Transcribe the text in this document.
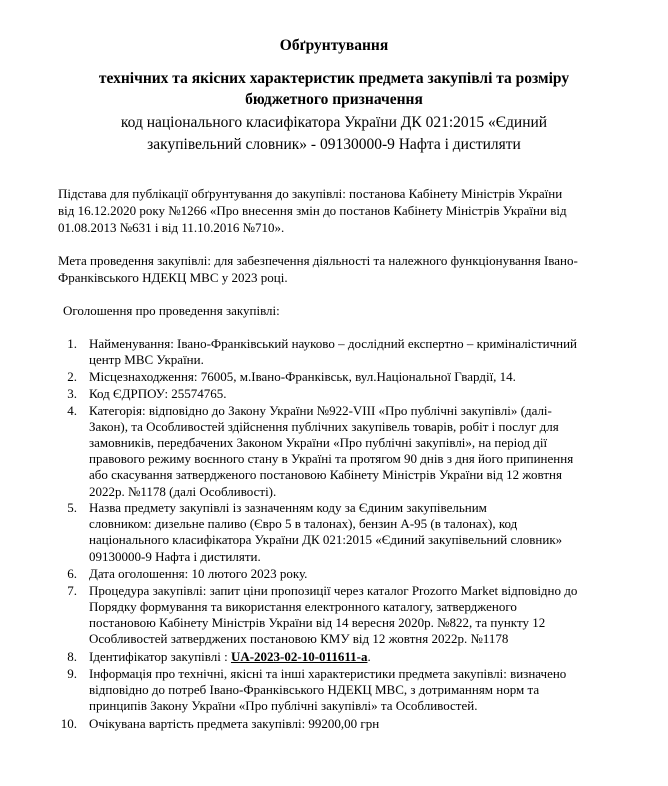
Обґрунтування
технічних та якісних характеристик предмета закупівлі та розміру
бюджетного призначення
код національного класифікатора України ДК 021:2015 «Єдиний
закупівельний словник» - 09130000-9 Нафта і дистиляти
Підстава для публікації обґрунтування до закупівлі: постанова Кабінету Міністрів України
від 16.12.2020 року №1266 «Про внесення змін до постанов Кабінету Міністрів України від
01.08.2013 №631 і від 11.10.2016 №710».
Мета проведення закупівлі: для забезпечення діяльності та належного функціонування Івано-
Франківського НДЕКЦ МВС у 2023 році.
Оголошення про проведення закупівлі:
1. Найменування: Івано-Франківський науково – дослідний експертно – криміналістичний
центр МВС України.
2. Місцезнаходження: 76005, м.Івано-Франківськ, вул.Національної Гвардії, 14.
3. Код ЄДРПОУ: 25574765.
4. Категорія: відповідно до Закону України №922-VIII «Про публічні закупівлі» (далі-
Закон), та Особливостей здійснення публічних закупівель товарів, робіт і послуг для
замовників, передбачених Законом України «Про публічні закупівлі», на період дії
правового режиму воєнного стану в Україні та протягом 90 днів з дня його припинення
або скасування затвердженого постановою Кабінету Міністрів України від 12 жовтня
2022р. №1178 (далі Особливості).
5. Назва предмету закупівлі із зазначенням коду за Єдиним закупівельним
словником: дизельне паливо (Євро 5 в талонах), бензин А-95 (в талонах), код
національного класифікатора України ДК 021:2015 «Єдиний закупівельний словник»
09130000-9 Нафта і дистиляти.
6. Дата оголошення: 10 лютого 2023 року.
7. Процедура закупівлі: запит ціни пропозиції через каталог Prozorro Market відповідно до
Порядку формування та використання електронного каталогу, затвердженого
постановою Кабінету Міністрів України від 14 вересня 2020р. №822, та пункту 12
Особливостей затверджених постановою КМУ від 12 жовтня 2022р. №1178
8. Ідентифікатор закупівлі : UA-2023-02-10-011611-a.
9. Інформація про технічні, якісні та інші характеристики предмета закупівлі: визначено
відповідно до потреб Івано-Франківського НДЕКЦ МВС, з дотриманням норм та
принципів Закону України «Про публічні закупівлі» та Особливостей.
10. Очікувана вартість предмета закупівлі: 99200,00 грн
